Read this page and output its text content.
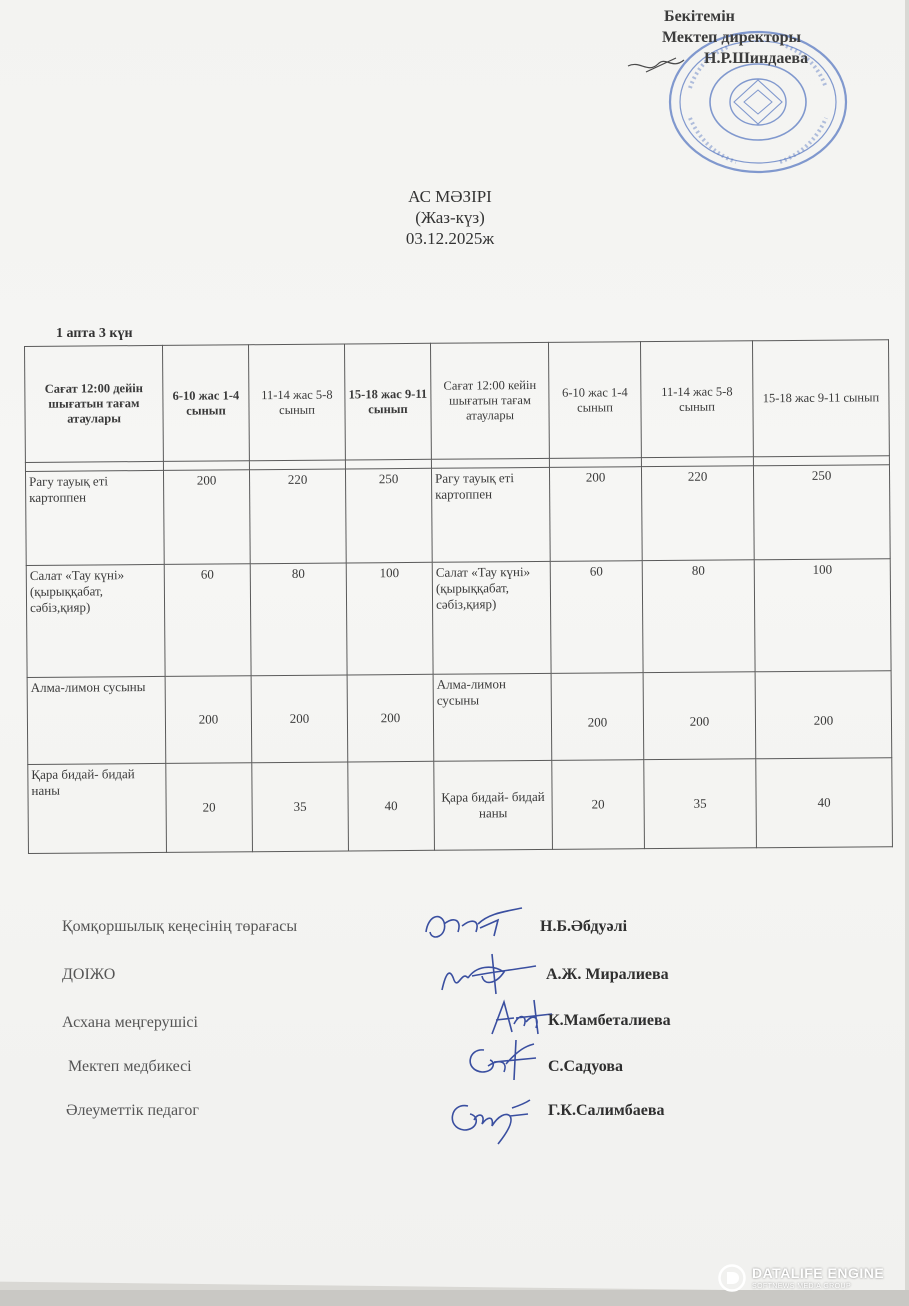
Бекітемін
Мектеп директоры
Н.Р.Шиндаева
АС МӘЗІРІ
(Жаз-күз)
03.12.2025ж
1 апта 3 күн
Сағат 12:00 дейін шығатын тағам атаулары	6-10 жас 1-4 сынып	11-14 жас 5-8 сынып	15-18 жас 9-11 сынып	Сағат 12:00 кейін шығатын тағам атаулары	6-10 жас 1-4 сынып	11-14 жас 5-8 сынып	15-18 жас 9-11 сынып

Рагу тауық еті картоппен	200	220	250	Рагу тауық еті картоппен	200	220	250
Салат «Тау күні» (қырыққабат, сәбіз,қияр)	60	80	100	Салат «Тау күні» (қырыққабат, сәбіз,қияр)	60	80	100
Алма-лимон сусыны	200	200	200	Алма-лимон сусыны	200	200	200
Қара бидай- бидай наны	20	35	40	Қара бидай- бидай наны	20	35	40
Қомқоршылық кеңесінің төрағасы	Н.Б.Әбдуәлі
ДОІЖО	А.Ж. Миралиева
Асхана меңгерушісі	К.Мамбеталиева
Мектеп медбикесі	С.Садуова
Әлеуметтік педагог	Г.К.Салимбаева
DATALIFE ENGINE
SOFTNEWS MEDIA GROUP
